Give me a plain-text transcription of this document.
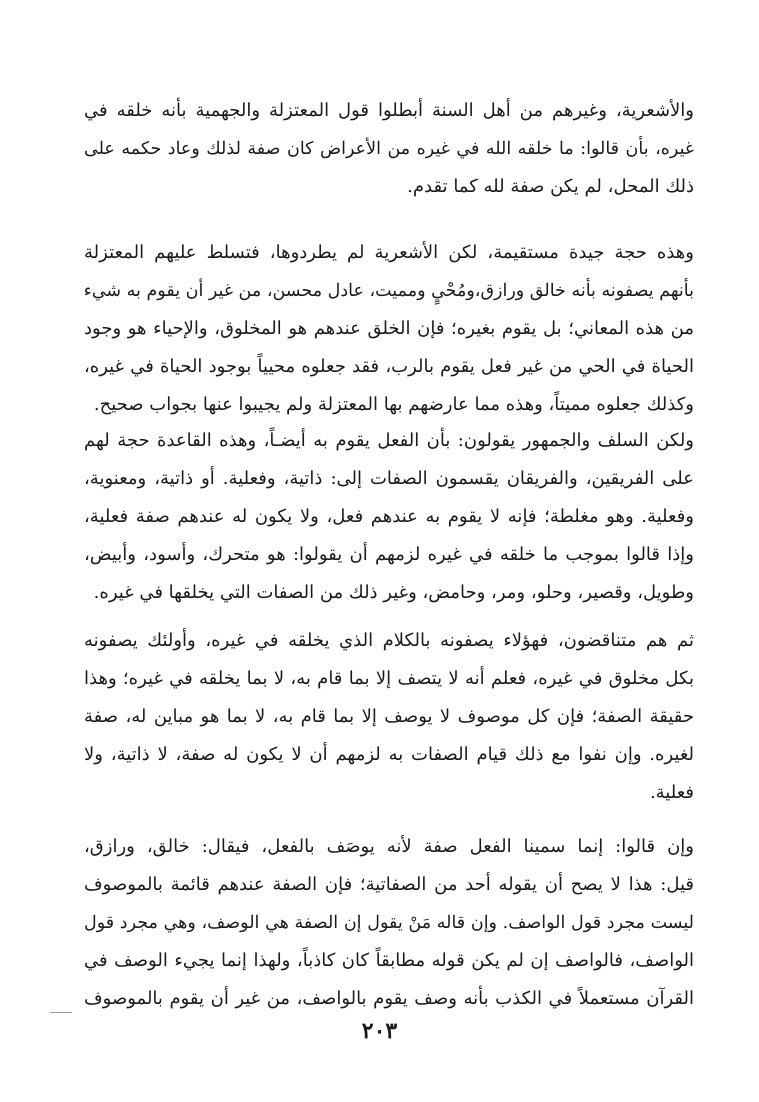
والأشعرية، وغيرهم من أهل السنة أبطلوا قول المعتزلة والجهمية بأنه خلقه في
غيره، بأن قالوا: ما خلقه الله في غيره من الأعراض كان صفة لذلك وعاد حكمه على
ذلك المحل، لم يكن صفة لله كما تقدم.
وهذه حجة جيدة مستقيمة، لكن الأشعرية لم يطردوها، فتسلط عليهم المعتزلة
بأنهم يصفونه بأنه خالق ورازق،ومُحْيٍ ومميت، عادل محسن، من غير أن يقوم به شيء
من هذه المعاني؛ بل يقوم بغيره؛ فإن الخلق عندهم هو المخلوق، والإحياء هو وجود
الحياة في الحي من غير فعل يقوم بالرب، فقد جعلوه محيياً بوجود الحياة في غيره،
وكذلك جعلوه مميتاً، وهذه مما عارضهم بها المعتزلة ولم يجيبوا عنها بجواب صحيح.
ولكن السلف والجمهور يقولون: بأن الفعل يقوم به أيضـاً، وهذه القاعدة حجة لهم
على الفريقين، والفريقان يقسمون الصفات إلى: ذاتية، وفعلية. أو ذاتية، ومعنوية،
وفعلية. وهو مغلطة؛ فإنه لا يقوم به عندهم فعل، ولا يكون له عندهم صفة فعلية،
وإذا قالوا بموجب ما خلقه في غيره لزمهم أن يقولوا: هو متحرك، وأسود، وأبيض،
وطويل، وقصير، وحلو، ومر، وحامض، وغير ذلك من الصفات التي يخلقها في غيره.
ثم هم متناقضون، فهؤلاء يصفونه بالكلام الذي يخلقه في غيره، وأولئك يصفونه
بكل مخلوق في غيره، فعلم أنه لا يتصف إلا بما قام به، لا بما يخلقه في غيره؛ وهذا
حقيقة الصفة؛ فإن كل موصوف لا يوصف إلا بما قام به، لا بما هو مباين له، صفة
لغيره. وإن نفوا مع ذلك قيام الصفات به لزمهم أن لا يكون له صفة، لا ذاتية، ولا
فعلية.
وإن قالوا: إنما سمينا الفعل صفة لأنه يوصَف بالفعل، فيقال: خالق، ورازق،
قيل: هذا لا يصح أن يقوله أحد من الصفاتية؛ فإن الصفة عندهم قائمة بالموصوف
ليست مجرد قول الواصف. وإن قاله مَنْ يقول إن الصفة هي الوصف، وهي مجرد قول
الواصف، فالواصف إن لم يكن قوله مطابقاً كان كاذباً، ولهذا إنما يجيء الوصف في
القرآن مستعملاً في الكذب بأنه وصف يقوم بالواصف، من غير أن يقوم بالموصوف
٢٠٣
